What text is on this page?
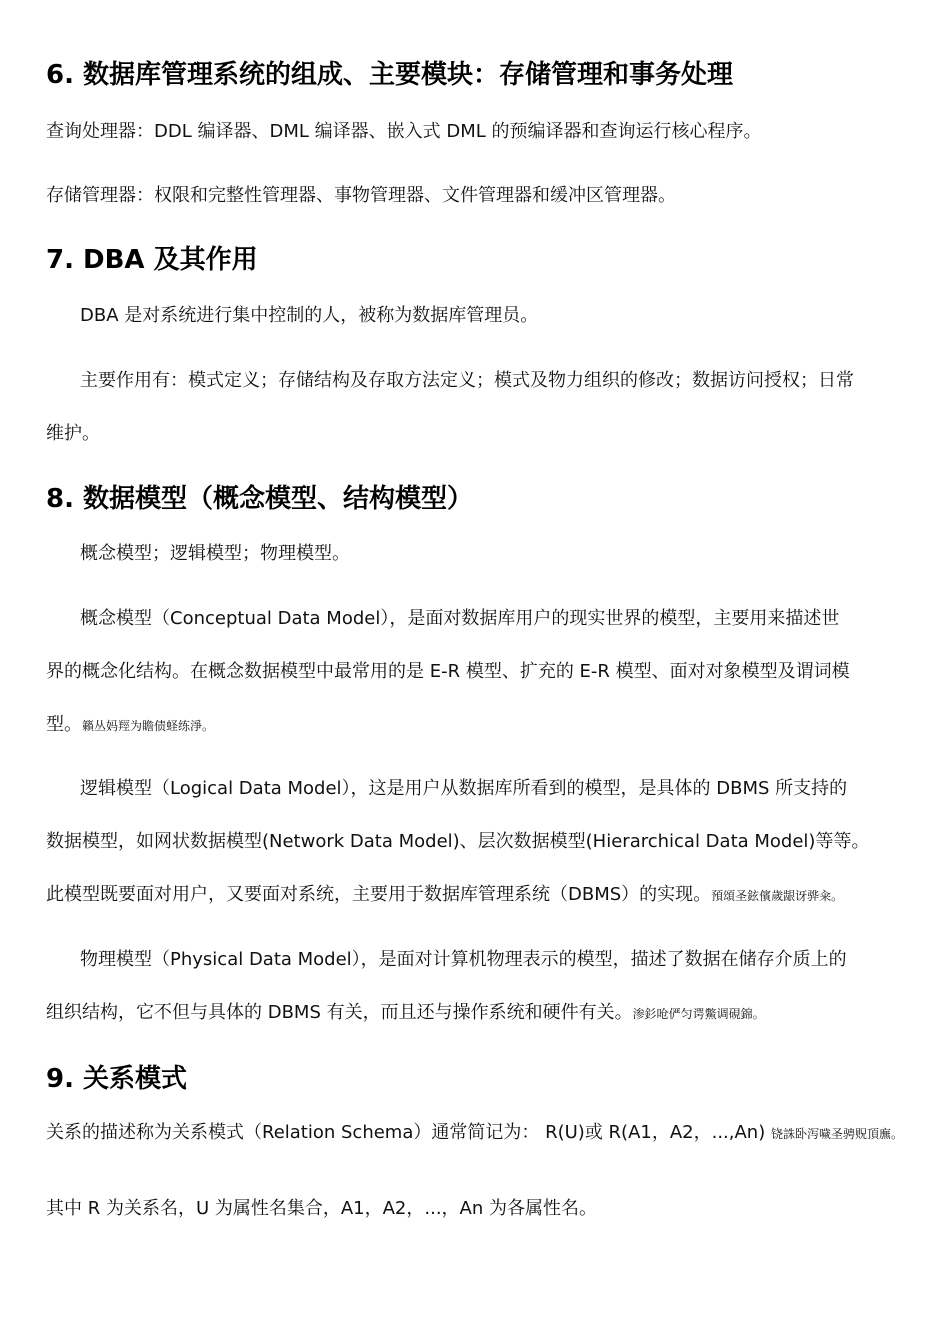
6. 数据库管理系统的组成、主要模块：存储管理和事务处理

查询处理器：DDL 编译器、DML 编译器、嵌入式 DML 的预编译器和查询运行核心程序。

存储管理器：权限和完整性管理器、事物管理器、文件管理器和缓冲区管理器。

7. DBA 及其作用

DBA 是对系统进行集中控制的人，被称为数据库管理员。

主要作用有：模式定义；存储结构及存取方法定义；模式及物力组织的修改；数据访问授权；日常
维护。
8. 数据模型（概念模型、结构模型）

概念模型；逻辑模型；物理模型。

概念模型（Conceptual Data Model），是面对数据库用户的现实世界的模型，主要用来描述世
界的概念化结构。在概念数据模型中最常用的是 E-R 模型、扩充的 E-R 模型、面对对象模型及谓词模
型。籟丛妈羥为瞻债蛏练淨。
逻辑模型（Logical Data Model），这是用户从数据库所看到的模型，是具体的 DBMS 所支持的
数据模型，如网状数据模型(Network Data Model)、层次数据模型(Hierarchical Data Model)等等。
此模型既要面对用户，又要面对系统，主要用于数据库管理系统（DBMS）的实现。預頌圣鉉儐歲龈讶骅籴。
物理模型（Physical Data Model），是面对计算机物理表示的模型，描述了数据在储存介质上的
组织结构，它不但与具体的 DBMS 有关，而且还与操作系统和硬件有关。渗釤呛俨匀谔鱉调硯錦。
9. 关系模式
关系的描述称为关系模式（Relation Schema）通常简记为： R(U)或 R(A1，A2，...,An) 铙誅卧泻噦圣骋贶頂廡。

其中 R 为关系名，U 为属性名集合，A1，A2，...，An 为各属性名。
